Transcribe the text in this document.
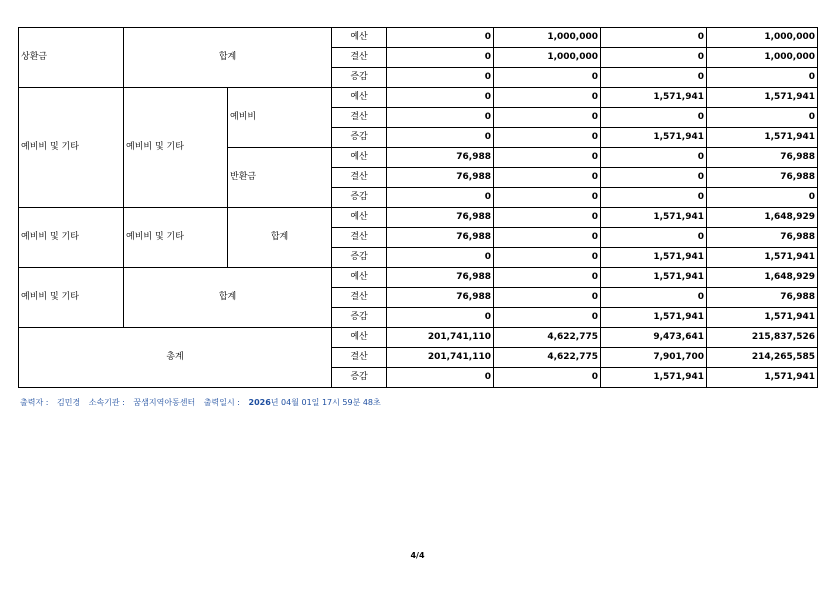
상환금	합계		예산	0	1,000,000	0	1,000,000
			결산	0	1,000,000	0	1,000,000
			증감	0	0	0	0
예비비 및 기타	예비비 및 기타	예비비	예산	0	0	1,571,941	1,571,941
			결산	0	0	0	0
			증감	0	0	1,571,941	1,571,941
		반환금	예산	76,988	0	0	76,988
			결산	76,988	0	0	76,988
			증감	0	0	0	0
예비비 및 기타	예비비 및 기타	합계	예산	76,988	0	1,571,941	1,648,929
			결산	76,988	0	0	76,988
			증감	0	0	1,571,941	1,571,941
예비비 및 기타	합계		예산	76,988	0	1,571,941	1,648,929
			결산	76,988	0	0	76,988
			증감	0	0	1,571,941	1,571,941
총계			예산	201,741,110	4,622,775	9,473,641	215,837,526
			결산	201,741,110	4,622,775	7,901,700	214,265,585
			증감	0	0	1,571,941	1,571,941
출력자 : 김민경 소속기관 : 꿈샘지역아동센터 출력일시 : 2026년 04월 01일 17시 59분 48초
4/4
